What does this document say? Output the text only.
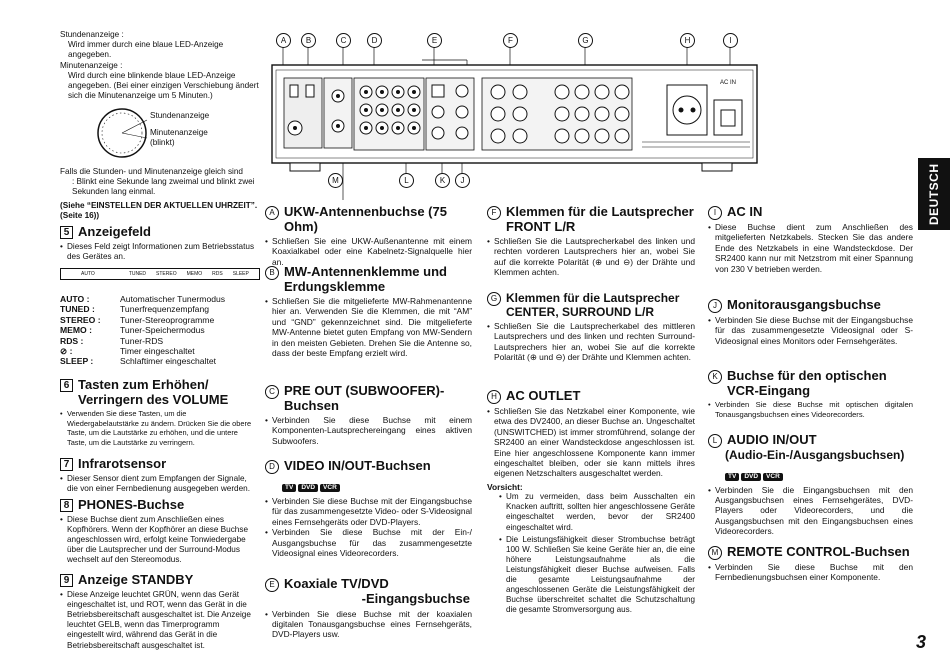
Stundenanzeige :
Wird immer durch eine blaue LED-Anzeige angegeben.
Minutenanzeige :
Wird durch eine blinkende blaue LED-Anzeige angegeben. (Bei einer einzigen Verschiebung ändert sich die Minutenanzeige um 5 Minuten.)
Stundenanzeige
Minutenanzeige (blinkt)
Falls die Stunden- und Minutenanzeige gleich sind
: Blinkt eine Sekunde lang zweimal und blinkt zwei Sekunden lang einmal.
(Siehe “EINSTELLEN DER AKTUELLEN UHRZEIT”. (Seite 16))
5 Anzeigefeld
• Dieses Feld zeigt Informationen zum Betriebsstatus des Gerätes an.
AUTO	TUNED STEREO MEMO RDS SLEEP
AUTO :	Automatischer Tunermodus
TUNED :	Tunerfrequenzempfang
STEREO :	Tuner-Stereoprogramme
MEMO :	Tuner-Speichermodus
RDS :	Tuner-RDS
⊘ :	Timer eingeschaltet
SLEEP :	Schlaftimer eingeschaltet
6 Tasten zum Erhöhen/ Verringern des VOLUME
• Verwenden Sie diese Tasten, um die Wiedergabelautstärke zu ändern. Drücken Sie die obere Taste, um die Lautstärke zu erhöhen, und die untere Taste, um die Lautstärke zu verringern.
7 Infrarotsensor
• Dieser Sensor dient zum Empfangen der Signale, die von einer Fernbedienung ausgegeben werden.
8 PHONES-Buchse
• Diese Buchse dient zum Anschließen eines Kopfhörers. Wenn der Kopfhörer an diese Buchse angeschlossen wird, erfolgt keine Tonwiedergabe über die Lautsprecher und der Surround-Modus wechselt auf den Stereomodus.
9 Anzeige STANDBY
• Diese Anzeige leuchtet GRÜN, wenn das Gerät eingeschaltet ist, und ROT, wenn das Gerät in die Betriebsbereitschaft ausgeschaltet ist. Die Anzeige leuchtet GELB, wenn das Timerprogramm eingestellt wird, während das Gerät in die Betriebsbereitschaft ausgeschaltet ist.
AC IN
A	B	C	D	E	F	G	H	I
M	L	K	J
A UKW-Antennenbuchse (75 Ohm)
• Schließen Sie eine UKW-Außenantenne mit einem Koaxialkabel oder eine Kabelnetz-Signalquelle hier an.
B MW-Antennenklemme und Erdungsklemme
• Schließen Sie die mitgelieferte MW-Rahmenantenne hier an. Verwenden Sie die Klemmen, die mit “AM” und “GND” gekennzeichnet sind. Die mitgelieferte MW-Antenne bietet guten Empfang von MW-Sendern in den meisten Gebieten. Drehen Sie die Antenne so, dass der beste Empfang erzielt wird.
C PRE OUT (SUBWOOFER)-Buchsen
• Verbinden Sie diese Buchse mit einem Komponenten-Lautsprechereingang eines aktiven Subwoofers.
D VIDEO IN/OUT-Buchsen
TV DVD VCR
• Verbinden Sie diese Buchse mit der Eingangsbuchse für das zusammengesetzte Video- oder S-Videosignal eines Fernsehgeräts oder DVD-Players.
• Verbinden Sie diese Buchse mit der Ein-/ Ausgangsbuchse für das zusammengesetzte Videosignal eines Videorecorders.
E Koaxiale TV/DVD
-Eingangsbuchse
• Verbinden Sie diese Buchse mit der koaxialen digitalen Tonausgangsbuchse eines Fernsehgeräts, DVD-Players usw.
F Klemmen für die Lautsprecher FRONT L/R
• Schließen Sie die Lautsprecherkabel des linken und rechten vorderen Lautsprechers hier an, wobei Sie auf die korrekte Polarität (⊕ und ⊖) der Drähte und Klemmen achten.
G Klemmen für die Lautsprecher CENTER, SURROUND L/R
• Schließen Sie die Lautsprecherkabel des mittleren Lautsprechers und des linken und rechten Surround-Lautsprechers hier an, wobei Sie auf die korrekte Polarität (⊕ und ⊖) der Drähte und Klemmen achten.
H AC OUTLET
• Schließen Sie das Netzkabel einer Komponente, wie etwa des DV2400, an dieser Buchse an. Ungeschaltet (UNSWITCHED) ist immer stromführend, solange der SR2400 an einer Wandsteckdose angeschlossen ist. Eine hier angeschlossene Komponente kann immer eingeschaltet bleiben, oder sie kann mittels ihres eigenen Netzschalters ausgeschaltet werden.
Vorsicht:
• Um zu vermeiden, dass beim Ausschalten ein Knacken auftritt, sollten hier angeschlossene Geräte eingeschaltet werden, bevor der SR2400 eingeschaltet wird.
• Die Leistungsfähigkeit dieser Strombuchse beträgt 100 W. Schließen Sie keine Geräte hier an, die eine höhere Leistungsaufnahme als die Leistungsfähigkeit dieser Buchse aufweisen. Falls die gesamte Leistungsaufnahme der angeschlossenen Geräte die Leistungsfähigkeit der Buchse überschreitet schaltet die Schutzschaltung die gesamte Stromversorgung aus.
I AC IN
• Diese Buchse dient zum Anschließen des mitgelieferten Netzkabels. Stecken Sie das andere Ende des Netzkabels in eine Wandsteckdose. Der SR2400 kann nur mit Netzstrom mit einer Spannung von 230 V betrieben werden.
J Monitorausgangsbuchse
• Verbinden Sie diese Buchse mit der Eingangsbuchse für das zusammengesetzte Videosignal oder S-Videosignal eines Monitors oder Fernsehgerätes.
K Buchse für den optischen VCR-Eingang
• Verbinden Sie diese Buchse mit optischen digitalen Tonausgangsbuchsen eines Videorecorders.
L AUDIO IN/OUT
(Audio-Ein-/Ausgangsbuchsen)
TV DVD VCR
• Verbinden Sie die Eingangsbuchsen mit den Ausgangsbuchsen eines Fernsehgerätes, DVD-Players oder Videorecorders, und die Ausgangsbuchsen mit den Eingangsbuchsen eines Videorecorders.
M REMOTE CONTROL-Buchsen
• Verbinden Sie diese Buchse mit den Fernbedienungsbuchsen einer Komponente.
DEUTSCH
3
